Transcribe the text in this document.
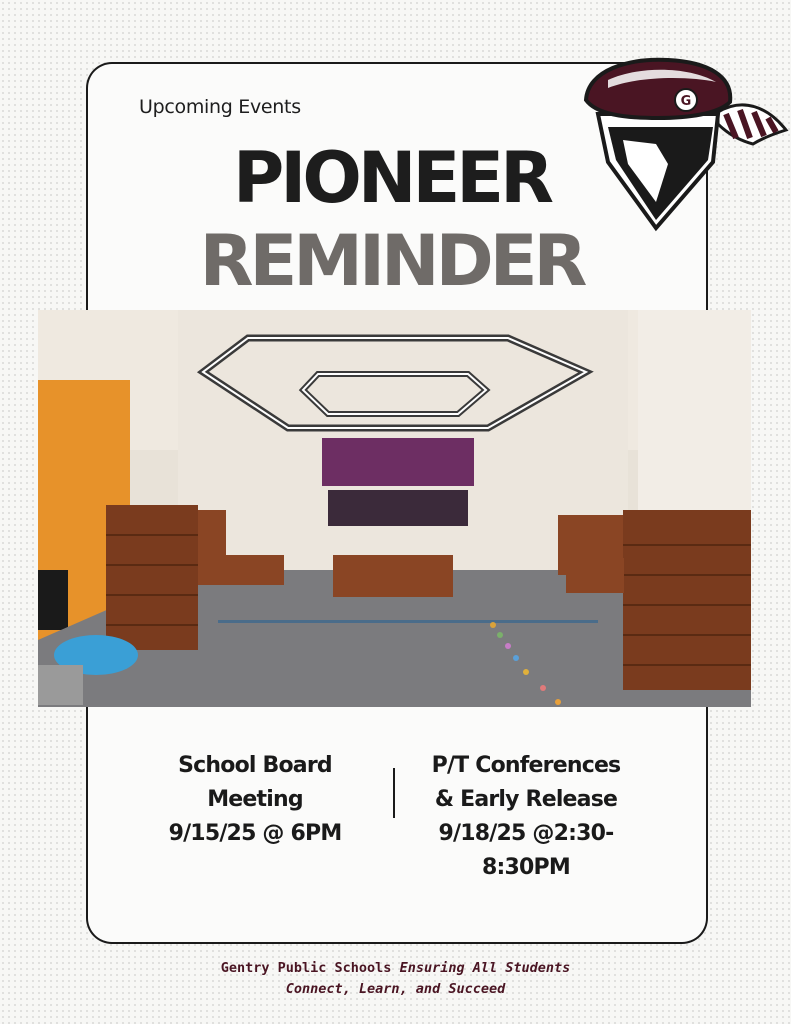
Upcoming Events
PIONEER
REMINDER
G
School Board
Meeting
9/15/25 @ 6PM
P/T Conferences
& Early Release
9/18/25 @2:30-
8:30PM
Gentry Public Schools Ensuring All Students
Connect, Learn, and Succeed
